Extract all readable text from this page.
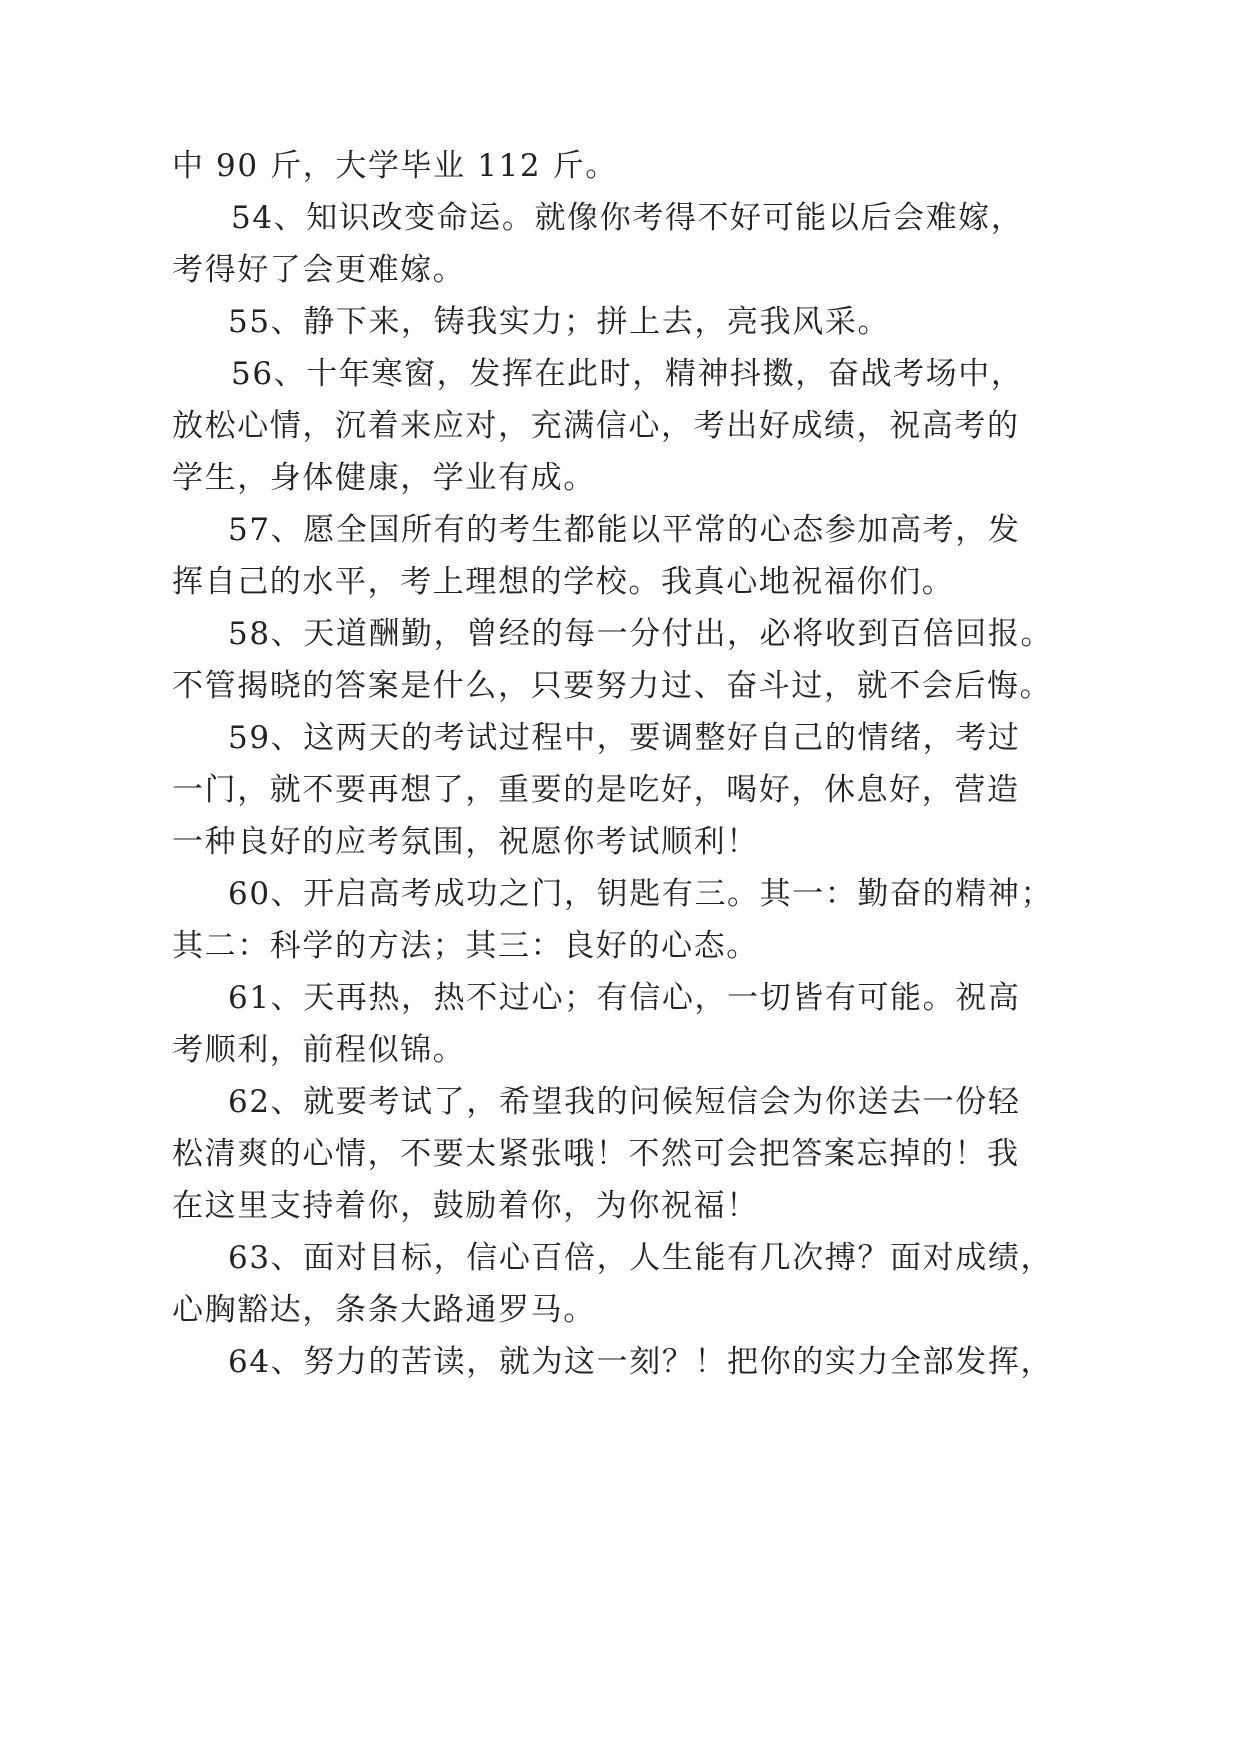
中 90 斤，大学毕业 112 斤。
54、知识改变命运。就像你考得不好可能以后会难嫁，
考得好了会更难嫁。
55、静下来，铸我实力；拼上去，亮我风采。
56、十年寒窗，发挥在此时，精神抖擞，奋战考场中，
放松心情，沉着来应对，充满信心，考出好成绩，祝高考的
学生，身体健康，学业有成。
57、愿全国所有的考生都能以平常的心态参加高考，发
挥自己的水平，考上理想的学校。我真心地祝福你们。
58、天道酬勤，曾经的每一分付出，必将收到百倍回报。
不管揭晓的答案是什么，只要努力过、奋斗过，就不会后悔。
59、这两天的考试过程中，要调整好自己的情绪，考过
一门，就不要再想了，重要的是吃好，喝好，休息好，营造
一种良好的应考氛围，祝愿你考试顺利！
60、开启高考成功之门，钥匙有三。其一：勤奋的精神；
其二：科学的方法；其三：良好的心态。
61、天再热，热不过心；有信心，一切皆有可能。祝高
考顺利，前程似锦。
62、就要考试了，希望我的问候短信会为你送去一份轻
松清爽的心情，不要太紧张哦！不然可会把答案忘掉的！我
在这里支持着你，鼓励着你，为你祝福！
63、面对目标，信心百倍，人生能有几次搏？面对成绩，
心胸豁达，条条大路通罗马。
64、努力的苦读，就为这一刻？！把你的实力全部发挥，
